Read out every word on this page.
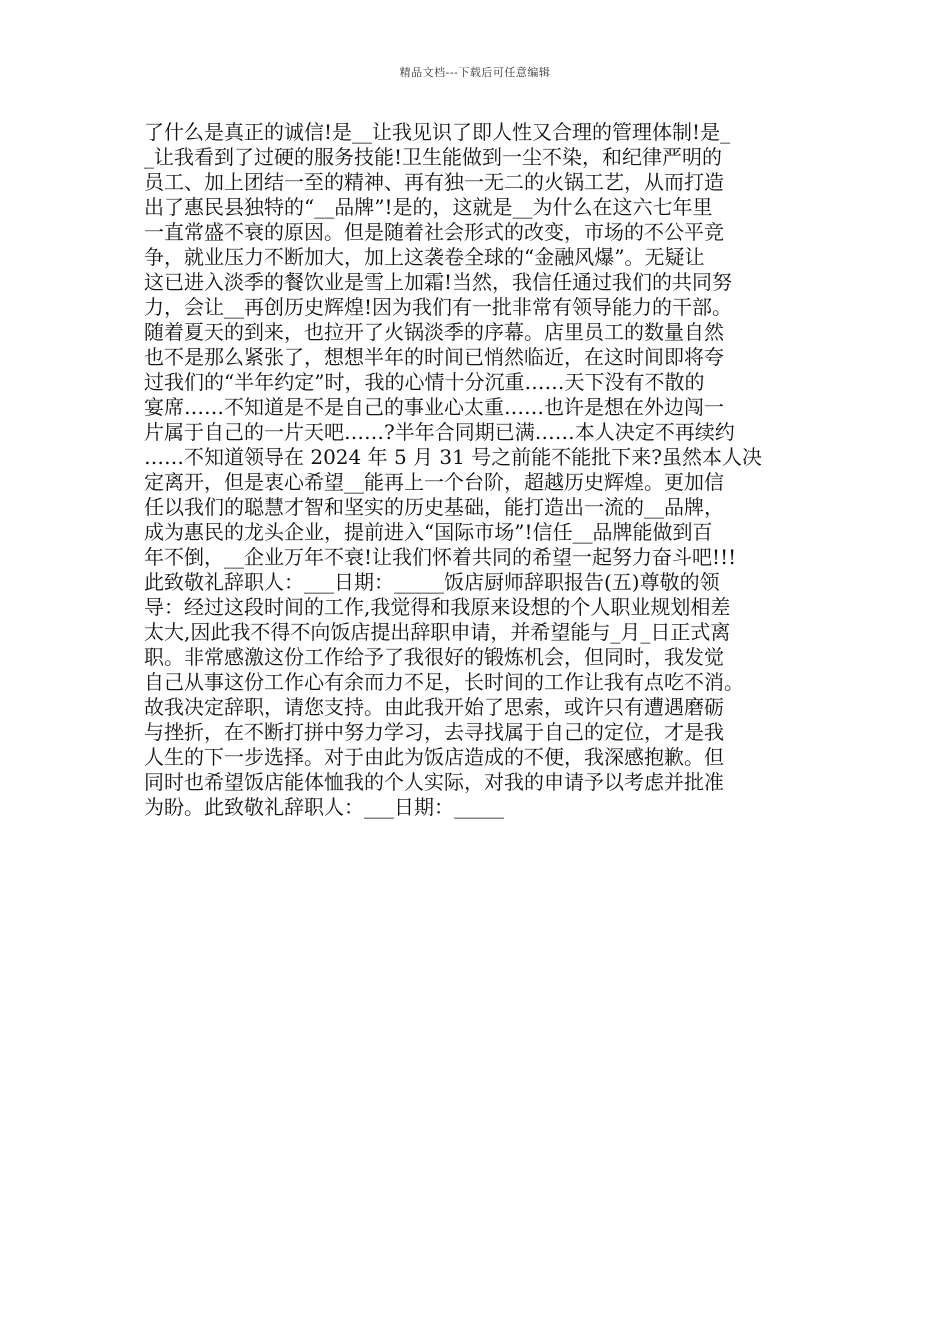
精品文档---下载后可任意编辑
了什么是真正的诚信!是__让我见识了即人性又合理的管理体制!是_
_让我看到了过硬的服务技能!卫生能做到一尘不染，和纪律严明的
员工、加上团结一至的精神、再有独一无二的火锅工艺，从而打造
出了惠民县独特的“__品牌”!是的，这就是__为什么在这六七年里
一直常盛不衰的原因。但是随着社会形式的改变，市场的不公平竞
争，就业压力不断加大，加上这袭卷全球的“金融风爆”。无疑让
这已进入淡季的餐饮业是雪上加霜!当然，我信任通过我们的共同努
力，会让__再创历史辉煌!因为我们有一批非常有领导能力的干部。
随着夏天的到来，也拉开了火锅淡季的序幕。店里员工的数量自然
也不是那么紧张了，想想半年的时间已悄然临近，在这时间即将夸
过我们的“半年约定”时，我的心情十分沉重……天下没有不散的
宴席……不知道是不是自己的事业心太重……也许是想在外边闯一
片属于自己的一片天吧……?半年合同期已满……本人决定不再续约
……不知道领导在 2024 年 5 月 31 号之前能不能批下来?虽然本人决
定离开，但是衷心希望__能再上一个台阶，超越历史辉煌。更加信
任以我们的聪慧才智和坚实的历史基础，能打造出一流的__品牌，
成为惠民的龙头企业，提前进入“国际市场”!信任__品牌能做到百
年不倒，__企业万年不衰!让我们怀着共同的希望一起努力奋斗吧!!!
此致敬礼辞职人：___日期：_____饭店厨师辞职报告(五)尊敬的领
导：经过这段时间的工作,我觉得和我原来设想的个人职业规划相差
太大,因此我不得不向饭店提出辞职申请，并希望能与_月_日正式离
职。非常感激这份工作给予了我很好的锻炼机会，但同时，我发觉
自己从事这份工作心有余而力不足，长时间的工作让我有点吃不消。
故我决定辞职，请您支持。由此我开始了思索，或许只有遭遇磨砺
与挫折，在不断打拼中努力学习，去寻找属于自己的定位，才是我
人生的下一步选择。对于由此为饭店造成的不便，我深感抱歉。但
同时也希望饭店能体恤我的个人实际，对我的申请予以考虑并批准
为盼。此致敬礼辞职人：___日期：_____
